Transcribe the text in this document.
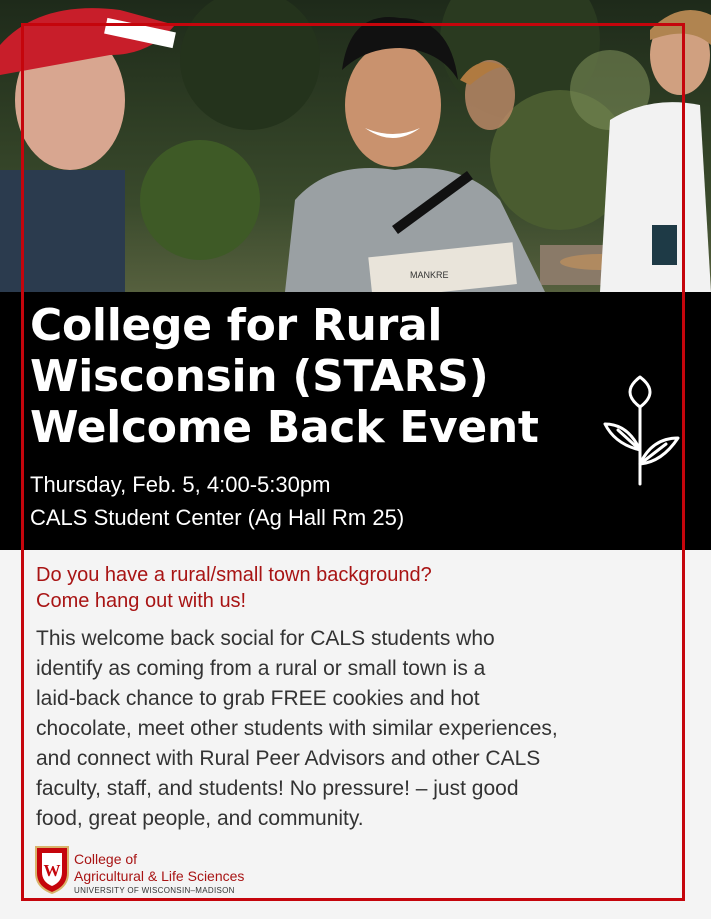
MANKRE
College for Rural
Wisconsin (STARS)
Welcome Back Event
Thursday, Feb. 5, 4:00-5:30pm
CALS Student Center (Ag Hall Rm 25)
Do you have a rural/small town background?
Come hang out with us!
This welcome back social for CALS students who
identify as coming from a rural or small town is a
laid-back chance to grab FREE cookies and hot
chocolate, meet other students with similar experiences,
and connect with Rural Peer Advisors and other CALS
faculty, staff, and students! No pressure! – just good
food, great people, and community.
W
College of
Agricultural & Life Sciences
UNIVERSITY OF WISCONSIN–MADISON
